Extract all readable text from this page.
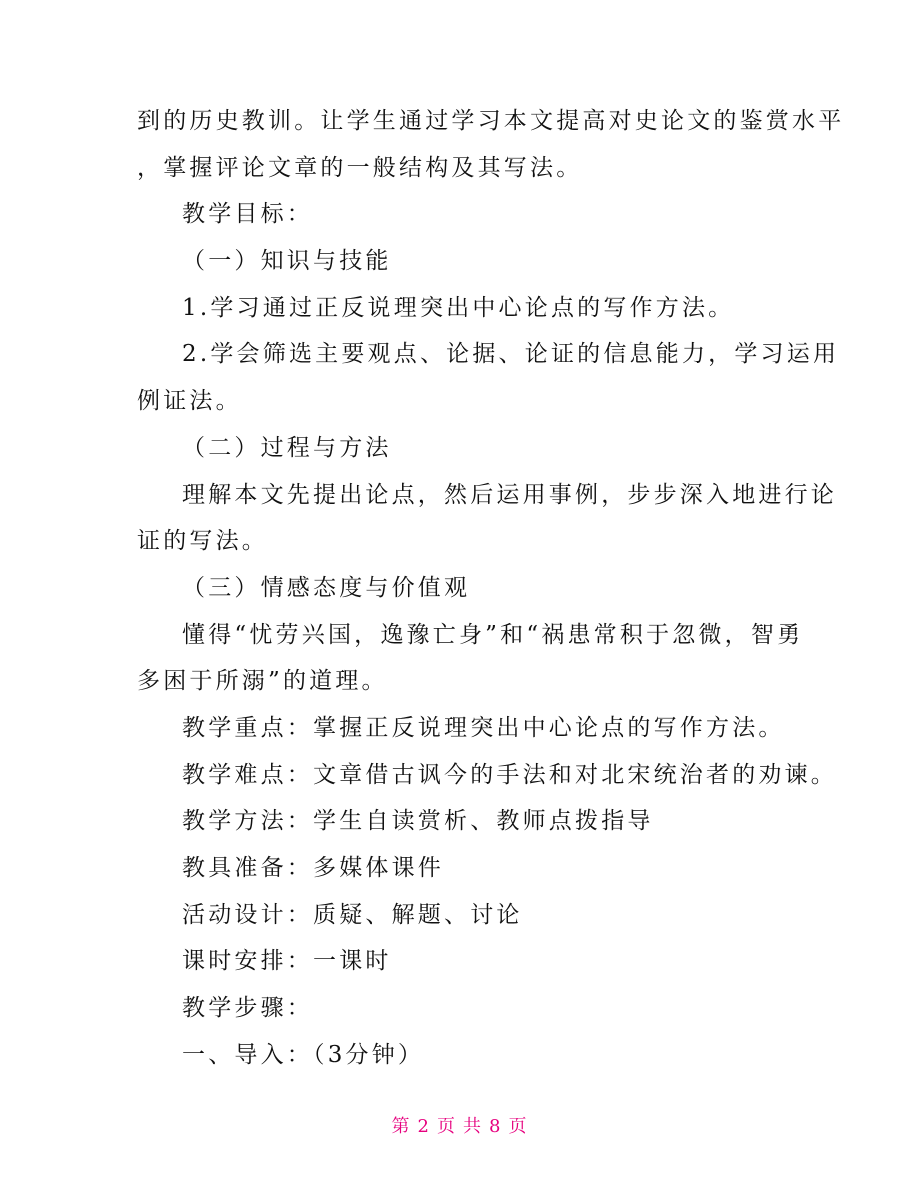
到的历史教训。让学生通过学习本文提高对史论文的鉴赏水平
，掌握评论文章的一般结构及其写法。
教学目标：
（一）知识与技能
1.学习通过正反说理突出中心论点的写作方法。
2.学会筛选主要观点、论据、论证的信息能力，学习运用
例证法。
（二）过程与方法
理解本文先提出论点，然后运用事例，步步深入地进行论
证的写法。
（三）情感态度与价值观
懂得“忧劳兴国，逸豫亡身”和“祸患常积于忽微，智勇
多困于所溺”的道理。
教学重点：掌握正反说理突出中心论点的写作方法。
教学难点：文章借古讽今的手法和对北宋统治者的劝谏。
教学方法：学生自读赏析、教师点拨指导
教具准备：多媒体课件
活动设计：质疑、解题、讨论
课时安排：一课时
教学步骤：
一、导入：（3分钟）
第 2 页 共 8 页
